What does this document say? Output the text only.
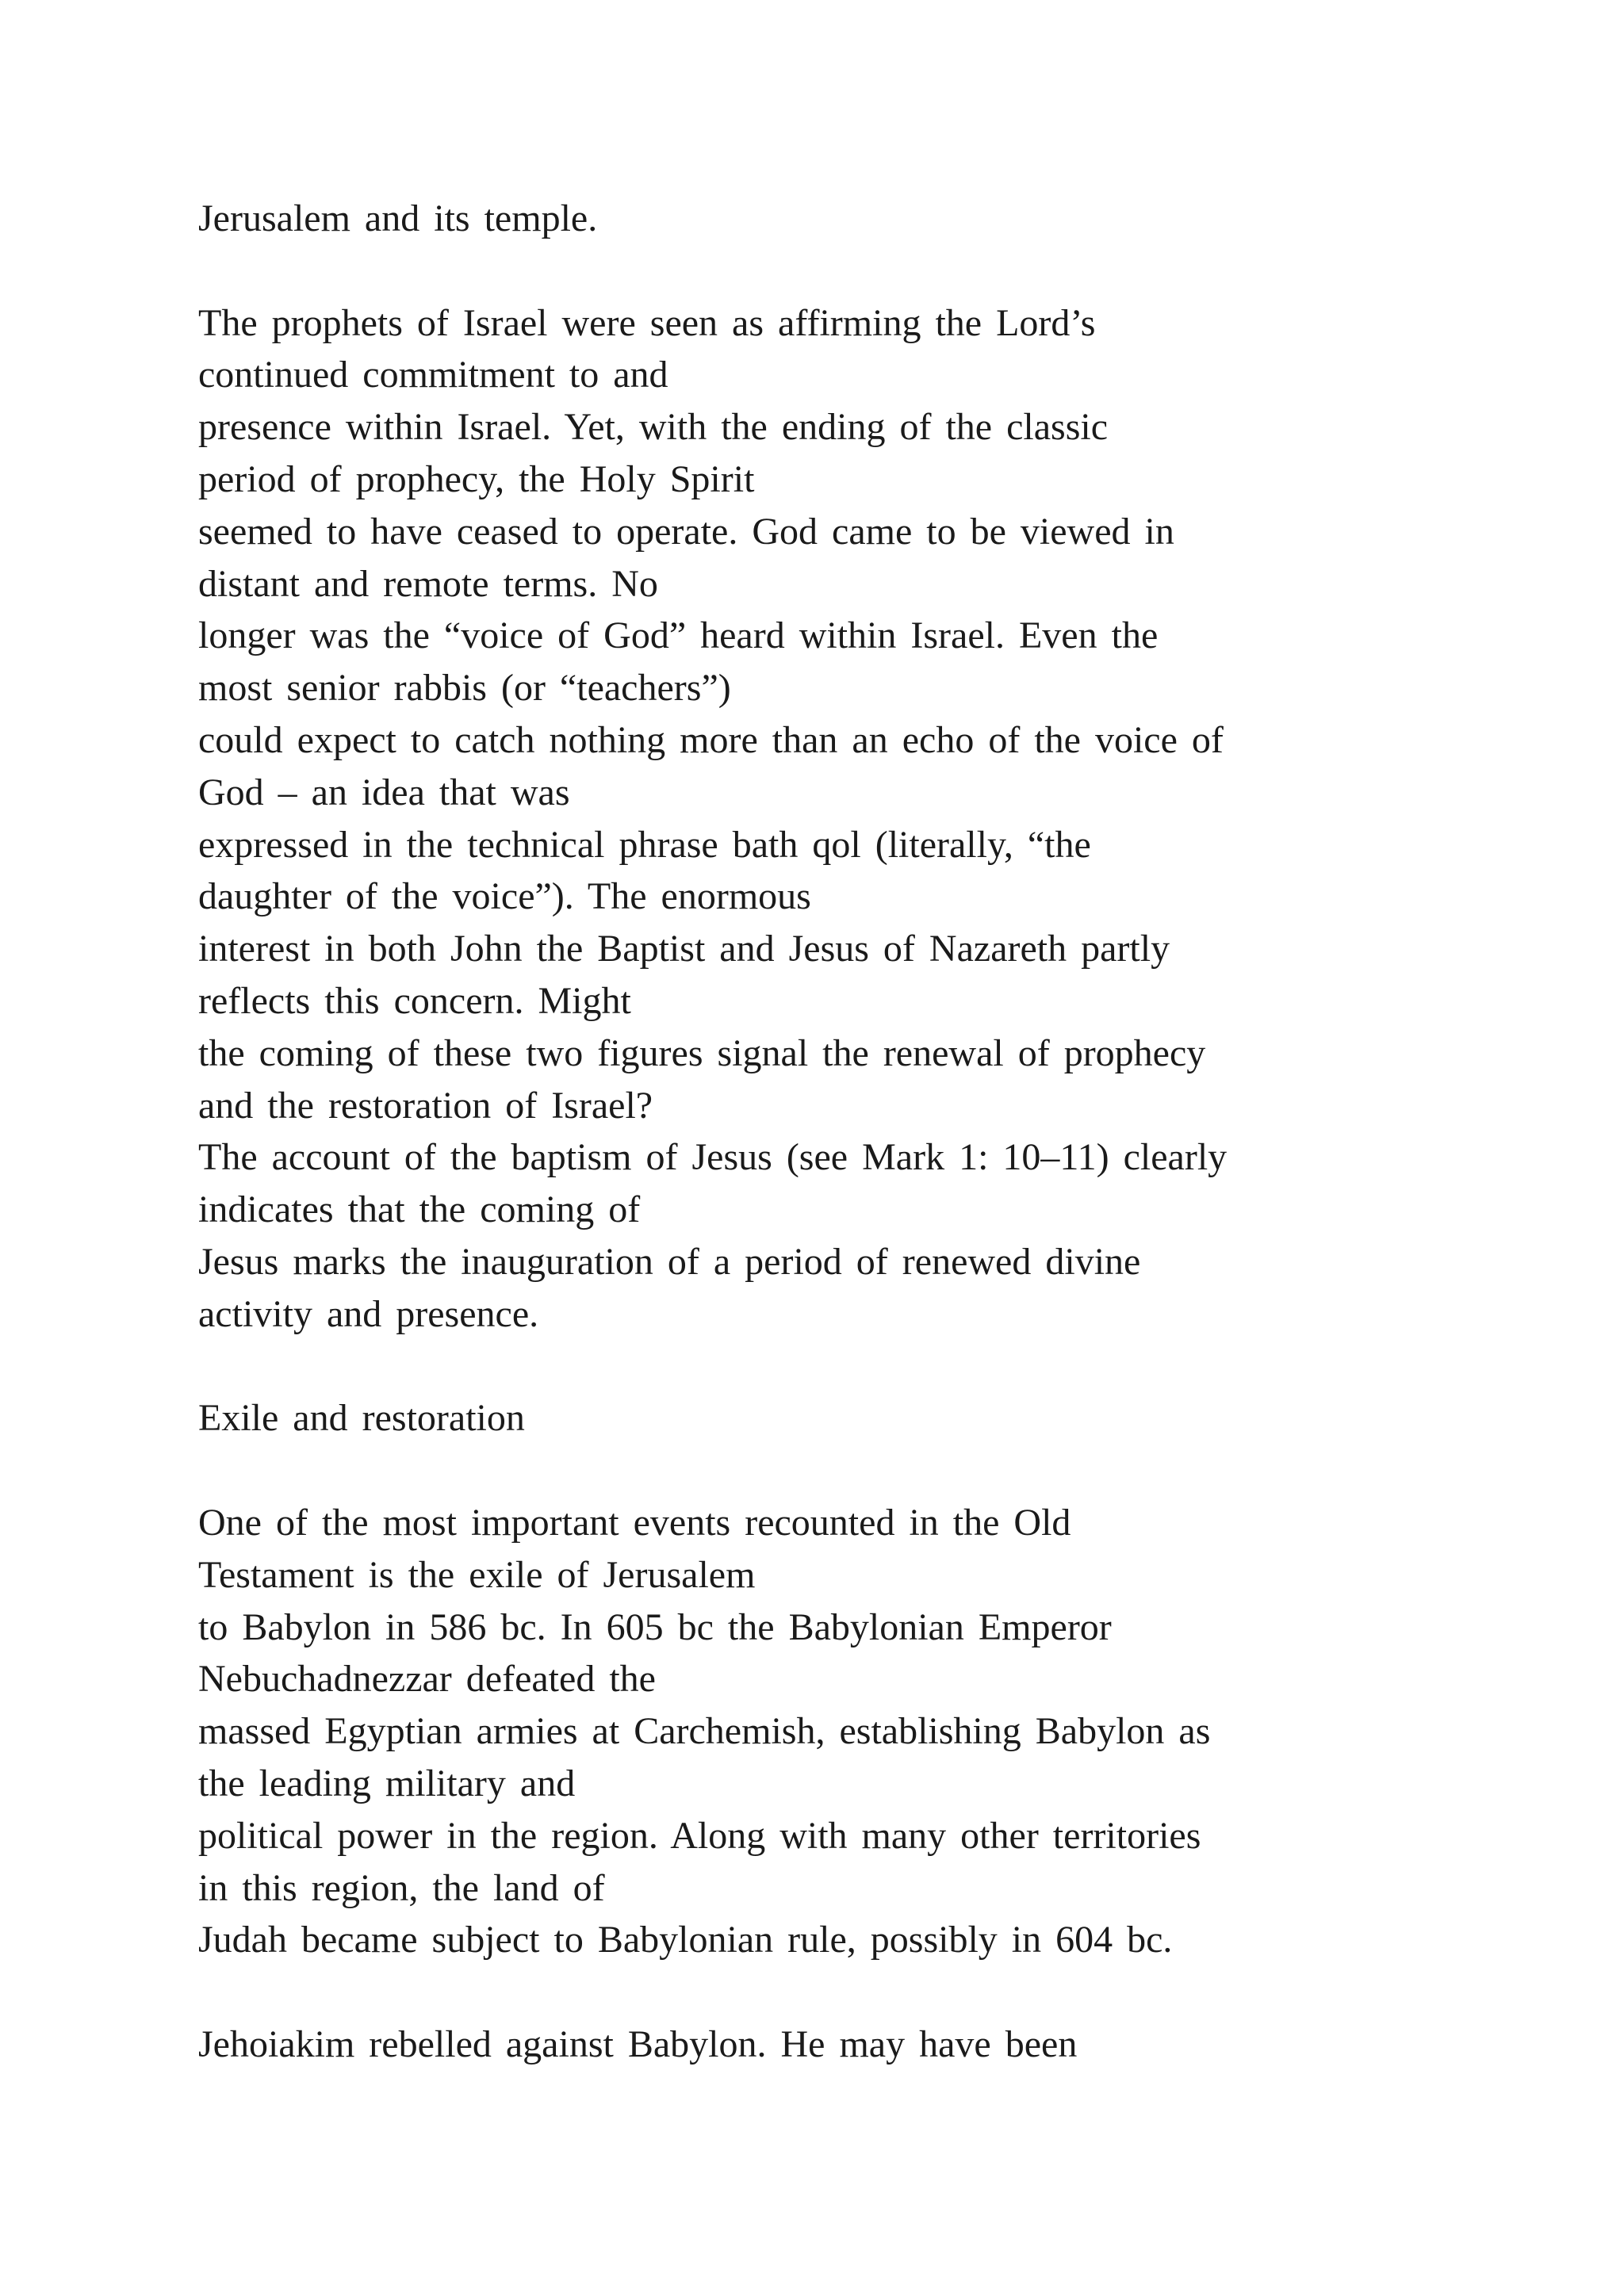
Jerusalem and its temple.
The prophets of Israel were seen as affirming the Lord’s
continued commitment to and
presence within Israel. Yet, with the ending of the classic
period of prophecy, the Holy Spirit
seemed to have ceased to operate. God came to be viewed in
distant and remote terms. No
longer was the “voice of God” heard within Israel. Even the
most senior rabbis (or “teachers”)
could expect to catch nothing more than an echo of the voice of
God – an idea that was
expressed in the technical phrase bath qol (literally, “the
daughter of the voice”). The enormous
interest in both John the Baptist and Jesus of Nazareth partly
reflects this concern. Might
the coming of these two figures signal the renewal of prophecy
and the restoration of Israel?
The account of the baptism of Jesus (see Mark 1: 10–11) clearly
indicates that the coming of
Jesus marks the inauguration of a period of renewed divine
activity and presence.
Exile and restoration
One of the most important events recounted in the Old
Testament is the exile of Jerusalem
to Babylon in 586 bc. In 605 bc the Babylonian Emperor
Nebuchadnezzar defeated the
massed Egyptian armies at Carchemish, establishing Babylon as
the leading military and
political power in the region. Along with many other territories
in this region, the land of
Judah became subject to Babylonian rule, possibly in 604 bc.
Jehoiakim rebelled against Babylon. He may have been
